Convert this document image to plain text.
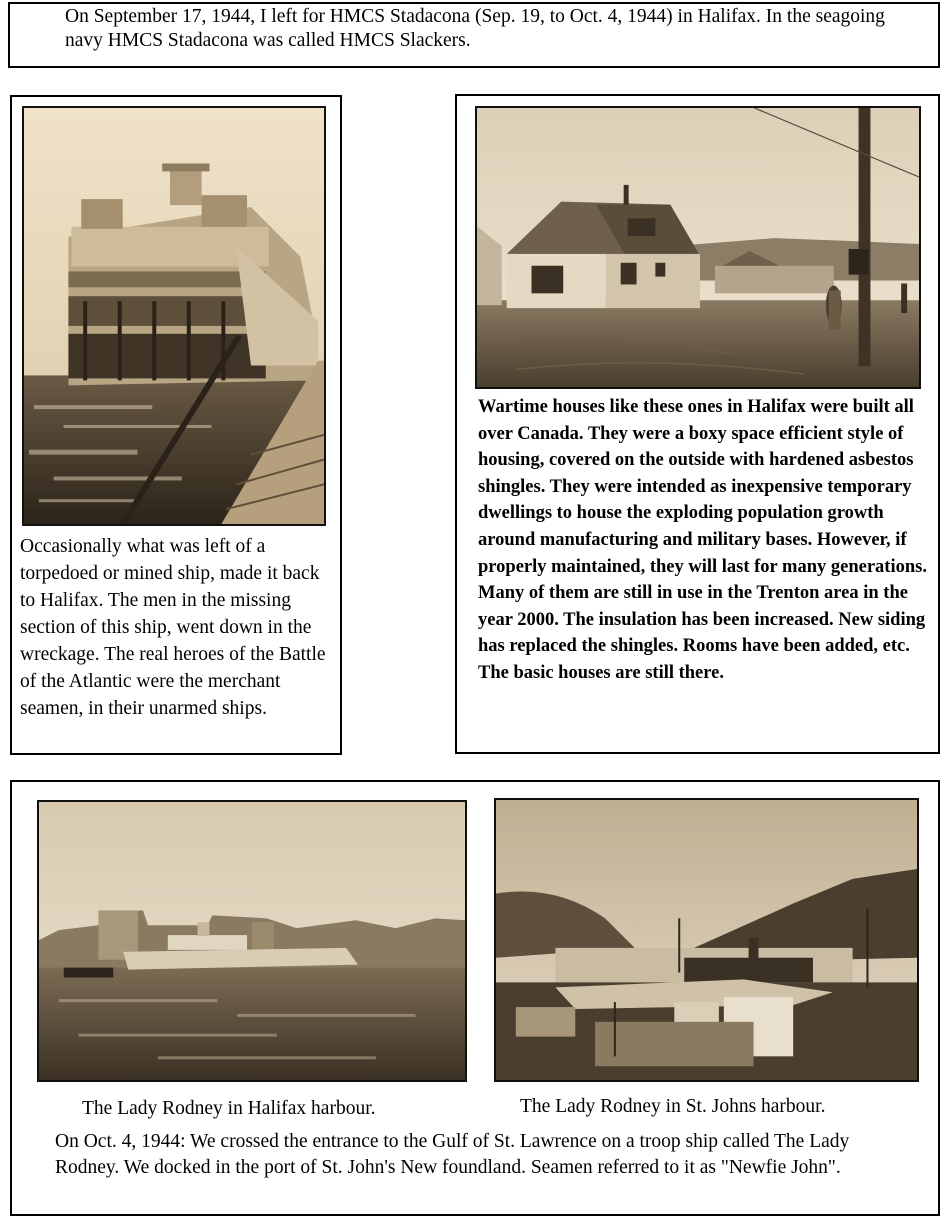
On September 17, 1944, I left for HMCS Stadacona (Sep. 19, to Oct. 4, 1944) in Halifax. In the seagoing navy HMCS Stadacona was called HMCS Slackers.
Occasionally what was left of a torpedoed or mined ship, made it back to Halifax. The men in the missing section of this ship, went down in the wreckage. The real heroes of the Battle of the Atlantic were the merchant seamen, in their unarmed ships.
Wartime houses like these ones in Halifax were built all over Canada. They were a boxy space efficient style of housing, covered on the outside with hardened asbestos shingles. They were intended as inexpensive temporary dwellings to house the exploding population growth around manufacturing and military bases. However, if properly maintained, they will last for many generations. Many of them are still in use in the Trenton area in the year 2000. The insulation has been increased. New siding has replaced the shingles. Rooms have been added, etc. The basic houses are still there.
The Lady Rodney in Halifax harbour.	The Lady Rodney in St. Johns harbour.
On Oct. 4, 1944: We crossed the entrance to the Gulf of St. Lawrence on a troop ship called The Lady Rodney. We docked in the port of St. John's New foundland. Seamen referred to it as "Newfie John".
